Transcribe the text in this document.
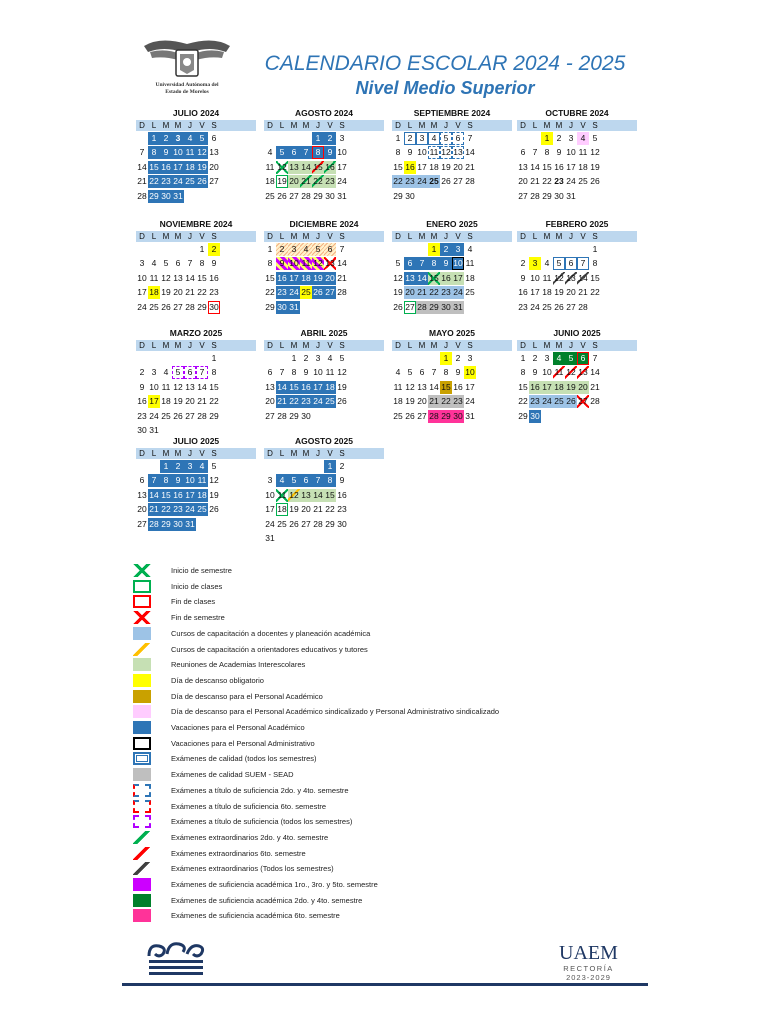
Universidad Autónoma del
Estado de Morelos
CALENDARIO ESCOLAR 2024 - 2025
Nivel Medio Superior
JULIO 2024
D L M M J V S
1 2 3 4 5 6
7 8 9 10 11 12 13
14 15 16 17 18 19 20
21 22 23 24 25 26 27
28 29 30 31
AGOSTO 2024
D L M M J V S
1 2 3
4 5 6 7 8 9 10
11 12 13 14 15 16 17
18 19 20 21 22 23 24
25 26 27 28 29 30 31
SEPTIEMBRE 2024
D L M M J V S
1 2 3 4 5 6 7
8 9 10 11 12 13 14
15 16 17 18 19 20 21
22 23 24 25 26 27 28
29 30
OCTUBRE 2024
D L M M J V S
1 2 3 4 5
6 7 8 9 10 11 12
13 14 15 16 17 18 19
20 21 22 23 24 25 26
27 28 29 30 31
NOVIEMBRE 2024
D L M M J V S
1 2
3 4 5 6 7 8 9
10 11 12 13 14 15 16
17 18 19 20 21 22 23
24 25 26 27 28 29 30
DICIEMBRE 2024
D L M M J V S
1 2 3 4 5 6 7
8 9 10 11 12 13 14
15 16 17 18 19 20 21
22 23 24 25 26 27 28
29 30 31
ENERO 2025
D L M M J V S
1 2 3 4
5 6 7 8 9 10 11
12 13 14 15 16 17 18
19 20 21 22 23 24 25
26 27 28 29 30 31
FEBRERO 2025
D L M M J V S
1
2 3 4 5 6 7 8
9 10 11 12 13 14 15
16 17 18 19 20 21 22
23 24 25 26 27 28
MARZO 2025
D L M M J V S
1
2 3 4 5 6 7 8
9 10 11 12 13 14 15
16 17 18 19 20 21 22
23 24 25 26 27 28 29
30 31
ABRIL 2025
D L M M J V S
1 2 3 4 5
6 7 8 9 10 11 12
13 14 15 16 17 18 19
20 21 22 23 24 25 26
27 28 29 30
MAYO 2025
D L M M J V S
1 2 3
4 5 6 7 8 9 10
11 12 13 14 15 16 17
18 19 20 21 22 23 24
25 26 27 28 29 30 31
JUNIO 2025
D L M M J V S
1 2 3 4 5 6 7
8 9 10 11 12 13 14
15 16 17 18 19 20 21
22 23 24 25 26 27 28
29 30
JULIO 2025
D L M M J V S
1 2 3 4 5
6 7 8 9 10 11 12
13 14 15 16 17 18 19
20 21 22 23 24 25 26
27 28 29 30 31
AGOSTO 2025
D L M M J V S
1 2
3 4 5 6 7 8 9
10 11 12 13 14 15 16
17 18 19 20 21 22 23
24 25 26 27 28 29 30
31
Inicio de semestre
Inicio de clases
Fin de clases
Fin de semestre
Cursos de capacitación a docentes y planeación académica
Cursos de capacitación a orientadores educativos y tutores
Reuniones de Academias Interescolares
Día de descanso obligatorio
Día de descanso para el Personal Académico
Día de descanso para el Personal Académico sindicalizado y Personal Administrativo sindicalizado
Vacaciones para el Personal Académico
Vacaciones para el Personal Administrativo
Exámenes de calidad (todos los semestres)
Exámenes de calidad SUEM - SEAD
Exámenes a título de suficiencia 2do. y 4to. semestre
Exámenes a título de suficiencia 6to. semestre
Exámenes a título de suficiencia (todos los semestres)
Exámenes extraordinarios 2do. y 4to. semestre
Exámenes extraordinarios 6to. semestre
Exámenes extraordinarios (Todos los semestres)
Exámenes de suficiencia académica 1ro., 3ro. y 5to. semestre
Exámenes de suficiencia académica 2do. y 4to. semestre
Exámenes de suficiencia académica 6to. semestre
UAEM
RECTORÍA
2023-2029
